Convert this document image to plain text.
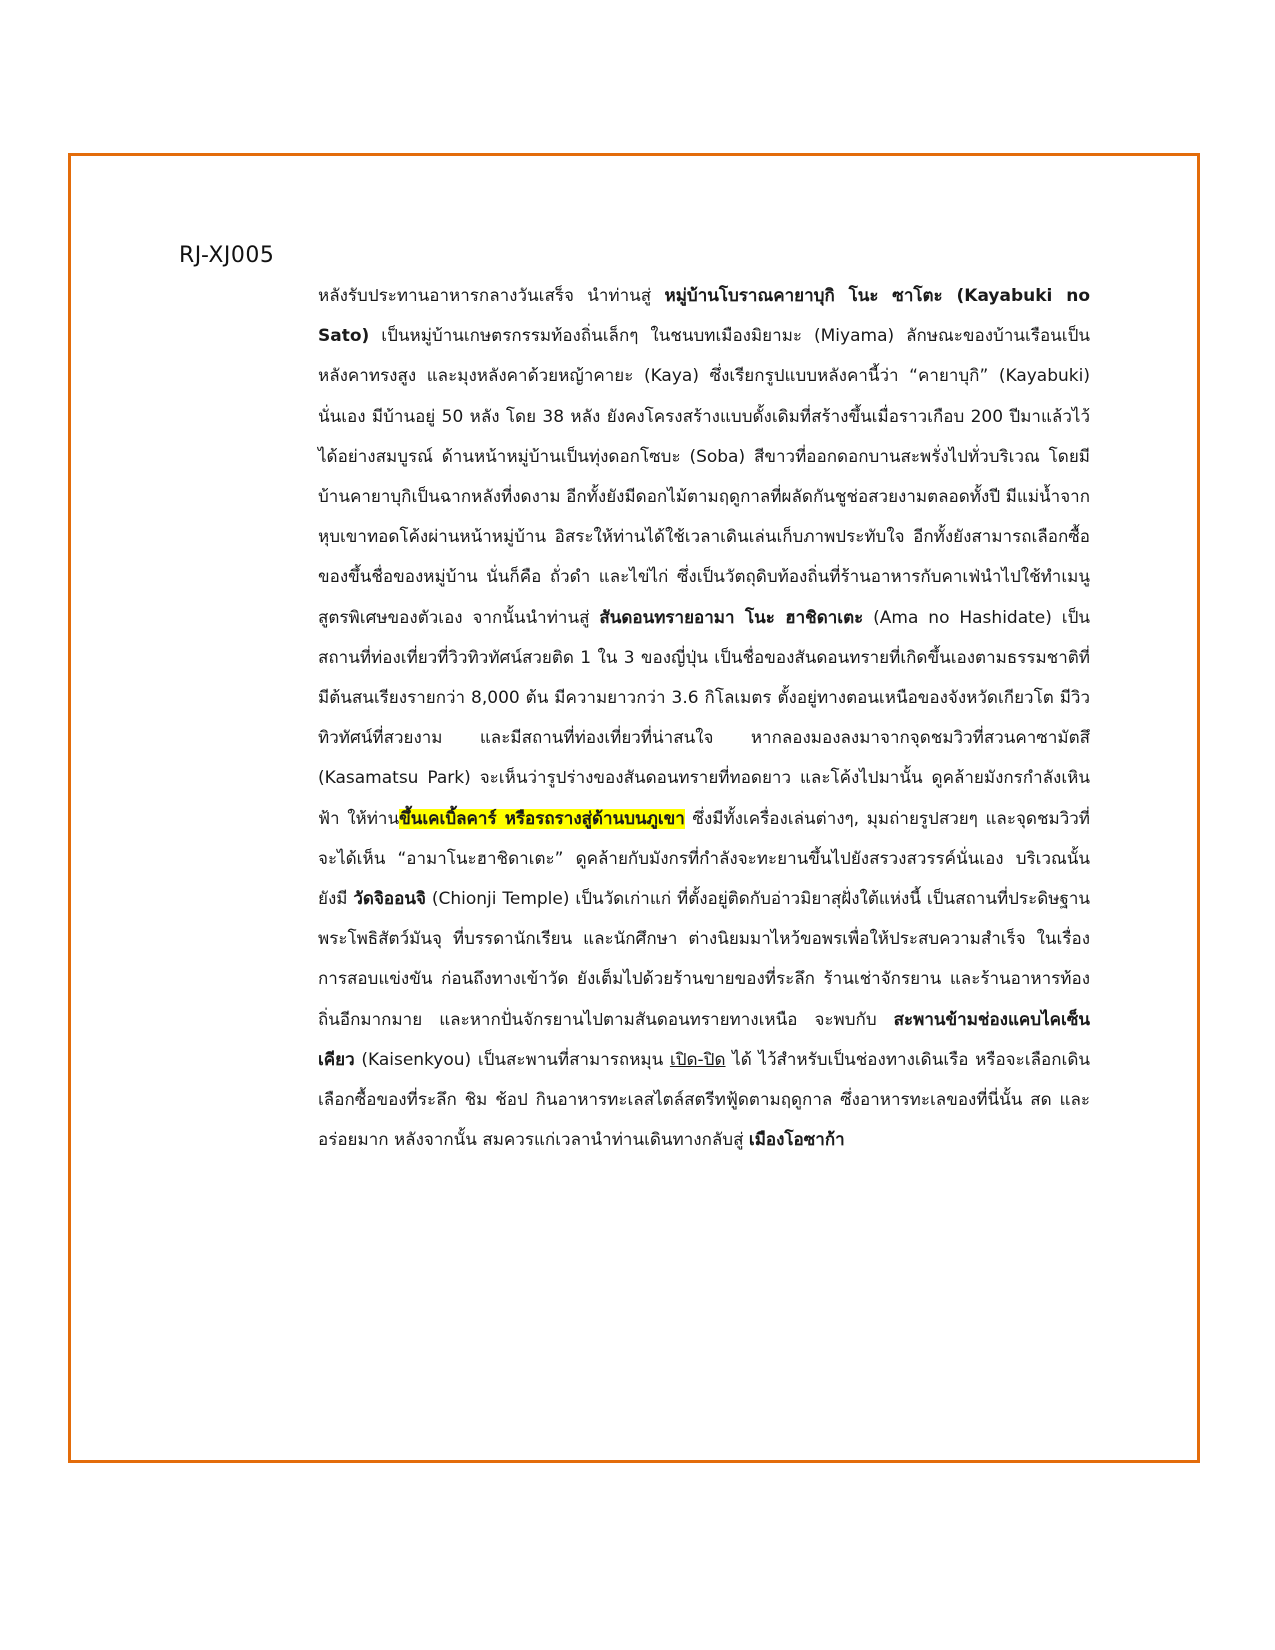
RJ-XJ005

หลังรับประทานอาหารกลางวันเสร็จ นำท่านสู่ หมู่บ้านโบราณคายาบุกิ โนะ ซาโตะ (Kayabuki no Sato) เป็นหมู่บ้านเกษตรกรรมท้องถิ่นเล็กๆ ในชนบทเมืองมิยามะ (Miyama) ลักษณะของบ้านเรือนเป็นหลังคาทรงสูง และมุงหลังคาด้วยหญ้าคายะ (Kaya) ซึ่งเรียกรูปแบบหลังคานี้ว่า “คายาบุกิ” (Kayabuki) นั่นเอง มีบ้านอยู่ 50 หลัง โดย 38 หลัง ยังคงโครงสร้างแบบดั้งเดิมที่สร้างขึ้นเมื่อราวเกือบ 200 ปีมาแล้วไว้ได้อย่างสมบูรณ์ ด้านหน้าหมู่บ้านเป็นทุ่งดอกโซบะ (Soba) สีขาวที่ออกดอกบานสะพรั่งไปทั่วบริเวณ โดยมีบ้านคายาบุกิเป็นฉากหลังที่งดงาม อีกทั้งยังมีดอกไม้ตามฤดูกาลที่ผลัดกันชูช่อสวยงามตลอดทั้งปี มีแม่น้ำจากหุบเขาทอดโค้งผ่านหน้าหมู่บ้าน อิสระให้ท่านได้ใช้เวลาเดินเล่นเก็บภาพประทับใจ อีกทั้งยังสามารถเลือกซื้อของขึ้นชื่อของหมู่บ้าน นั่นก็คือ ถั่วดำ และไข่ไก่ ซึ่งเป็นวัตถุดิบท้องถิ่นที่ร้านอาหารกับคาเฟ่นำไปใช้ทำเมนูสูตรพิเศษของตัวเอง จากนั้นนำท่านสู่ สันดอนทรายอามา โนะ ฮาชิดาเตะ (Ama no Hashidate) เป็นสถานที่ท่องเที่ยวที่วิวทิวทัศน์สวยติด 1 ใน 3 ของญี่ปุ่น เป็นชื่อของสันดอนทรายที่เกิดขึ้นเองตามธรรมชาติที่มีต้นสนเรียงรายกว่า 8,000 ต้น มีความยาวกว่า 3.6 กิโลเมตร ตั้งอยู่ทางตอนเหนือของจังหวัดเกียวโต มีวิวทิวทัศน์ที่สวยงาม และมีสถานที่ท่องเที่ยวที่น่าสนใจ หากลองมองลงมาจากจุดชมวิวที่สวนคาซามัตสึ (Kasamatsu Park) จะเห็นว่ารูปร่างของสันดอนทรายที่ทอดยาว และโค้งไปมานั้น ดูคล้ายมังกรกำลังเหินฟ้า ให้ท่านขึ้นเคเบิ้ลคาร์ หรือรถรางสู่ด้านบนภูเขา ซึ่งมีทั้งเครื่องเล่นต่างๆ, มุมถ่ายรูปสวยๆ และจุดชมวิวที่จะได้เห็น “อามาโนะฮาชิดาเตะ” ดูคล้ายกับมังกรที่กำลังจะทะยานขึ้นไปยังสรวงสวรรค์นั่นเอง บริเวณนั้น ยังมี วัดจิออนจิ (Chionji Temple) เป็นวัดเก่าแก่ ที่ตั้งอยู่ติดกับอ่าวมิยาสุฝั่งใต้แห่งนี้ เป็นสถานที่ประดิษฐานพระโพธิสัตว์มันจุ ที่บรรดานักเรียน และนักศึกษา ต่างนิยมมาไหว้ขอพรเพื่อให้ประสบความสำเร็จ ในเรื่องการสอบแข่งขัน ก่อนถึงทางเข้าวัด ยังเต็มไปด้วยร้านขายของที่ระลึก ร้านเช่าจักรยาน และร้านอาหารท้องถิ่นอีกมากมาย และหากปั่นจักรยานไปตามสันดอนทรายทางเหนือ จะพบกับ สะพานข้ามช่องแคบไคเซ็นเคียว (Kaisenkyou) เป็นสะพานที่สามารถหมุน เปิด-ปิด ได้ ไว้สำหรับเป็นช่องทางเดินเรือ หรือจะเลือกเดินเลือกซื้อของที่ระลึก ชิม ช้อป กินอาหารทะเลสไตล์สตรีทฟู้ดตามฤดูกาล ซึ่งอาหารทะเลของที่นี่นั้น สด และอร่อยมาก หลังจากนั้น สมควรแก่เวลานำท่านเดินทางกลับสู่ เมืองโอซาก้า
